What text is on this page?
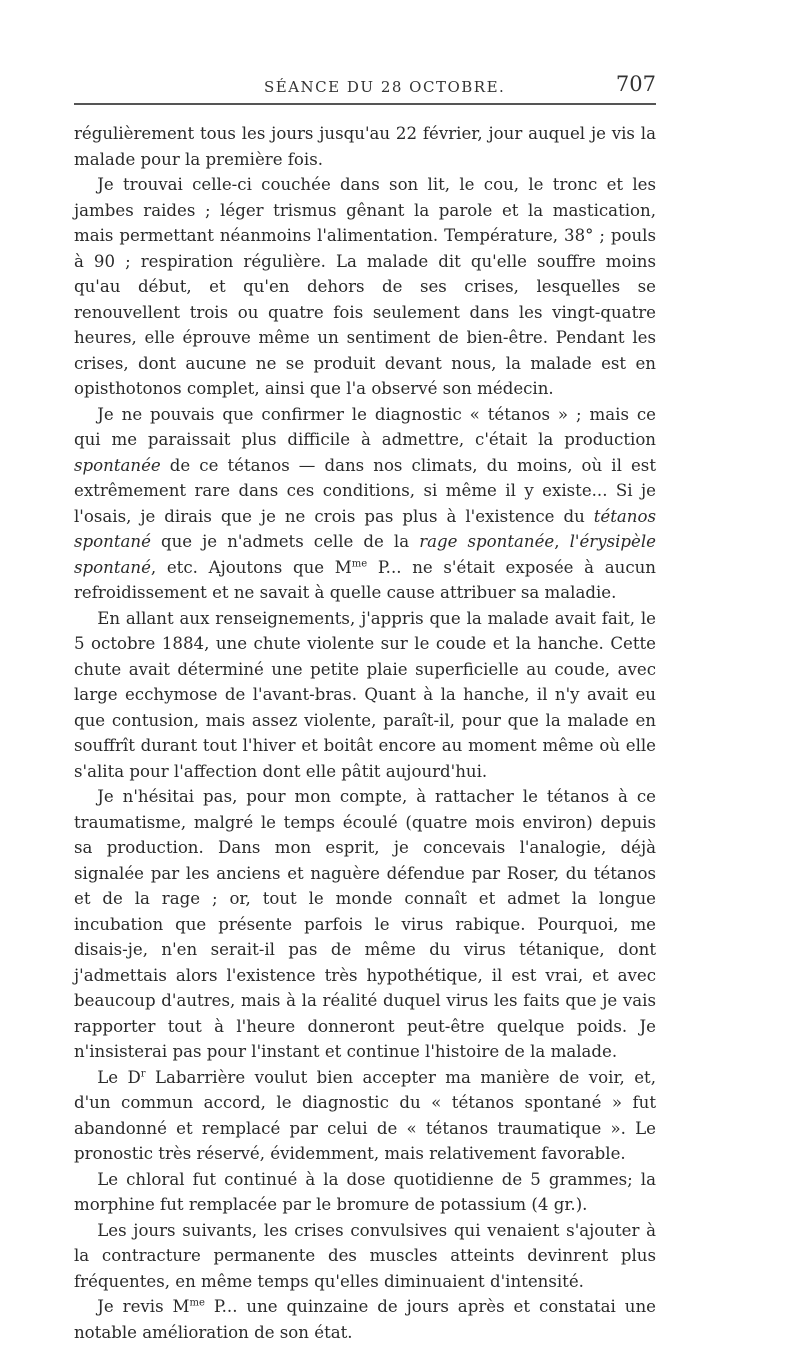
SÉANCE DU 28 OCTOBRE.	707

régulièrement tous les jours jusqu'au 22 février, jour auquel je vis la malade pour la première fois.

Je trouvai celle-ci couchée dans son lit, le cou, le tronc et les jambes raides ; léger trismus gênant la parole et la mastication, mais permettant néanmoins l'alimentation. Température, 38° ; pouls à 90 ; respiration régulière. La malade dit qu'elle souffre moins qu'au début, et qu'en dehors de ses crises, lesquelles se renouvellent trois ou quatre fois seulement dans les vingt-quatre heures, elle éprouve même un sentiment de bien-être. Pendant les crises, dont aucune ne se produit devant nous, la malade est en opisthotonos complet, ainsi que l'a observé son médecin.

Je ne pouvais que confirmer le diagnostic « tétanos » ; mais ce qui me paraissait plus difficile à admettre, c'était la production spontanée de ce tétanos — dans nos climats, du moins, où il est extrêmement rare dans ces conditions, si même il y existe... Si je l'osais, je dirais que je ne crois pas plus à l'existence du tétanos spontané que je n'admets celle de la rage spontanée, l'érysipèle spontané, etc. Ajoutons que $M^{me}$ P... ne s'était exposée à aucun refroidissement et ne savait à quelle cause attribuer sa maladie.

En allant aux renseignements, j'appris que la malade avait fait, le 5 octobre 1884, une chute violente sur le coude et la hanche. Cette chute avait déterminé une petite plaie superficielle au coude, avec large ecchymose de l'avant-bras. Quant à la hanche, il n'y avait eu que contusion, mais assez violente, paraît-il, pour que la malade en souffrît durant tout l'hiver et boitât encore au moment même où elle s'alita pour l'affection dont elle pâtit aujourd'hui.

Je n'hésitai pas, pour mon compte, à rattacher le tétanos à ce traumatisme, malgré le temps écoulé (quatre mois environ) depuis sa production. Dans mon esprit, je concevais l'analogie, déjà signalée par les anciens et naguère défendue par Roser, du tétanos et de la rage ; or, tout le monde connaît et admet la longue incubation que présente parfois le virus rabique. Pourquoi, me disais-je, n'en serait-il pas de même du virus tétanique, dont j'admettais alors l'existence très hypothétique, il est vrai, et avec beaucoup d'autres, mais à la réalité duquel virus les faits que je vais rapporter tout à l'heure donneront peut-être quelque poids. Je n'insisterai pas pour l'instant et continue l'histoire de la malade.

Le $D^r$ Labarrière voulut bien accepter ma manière de voir, et, d'un commun accord, le diagnostic du « tétanos spontané » fut abandonné et remplacé par celui de « tétanos traumatique ». Le pronostic très réservé, évidemment, mais relativement favorable.

Le chloral fut continué à la dose quotidienne de 5 grammes; la morphine fut remplacée par le bromure de potassium (4 gr.).

Les jours suivants, les crises convulsives qui venaient s'ajouter à la contracture permanente des muscles atteints devinrent plus fréquentes, en même temps qu'elles diminuaient d'intensité.

Je revis $M^{me}$ P... une quinzaine de jours après et constatai une notable amélioration de son état.
